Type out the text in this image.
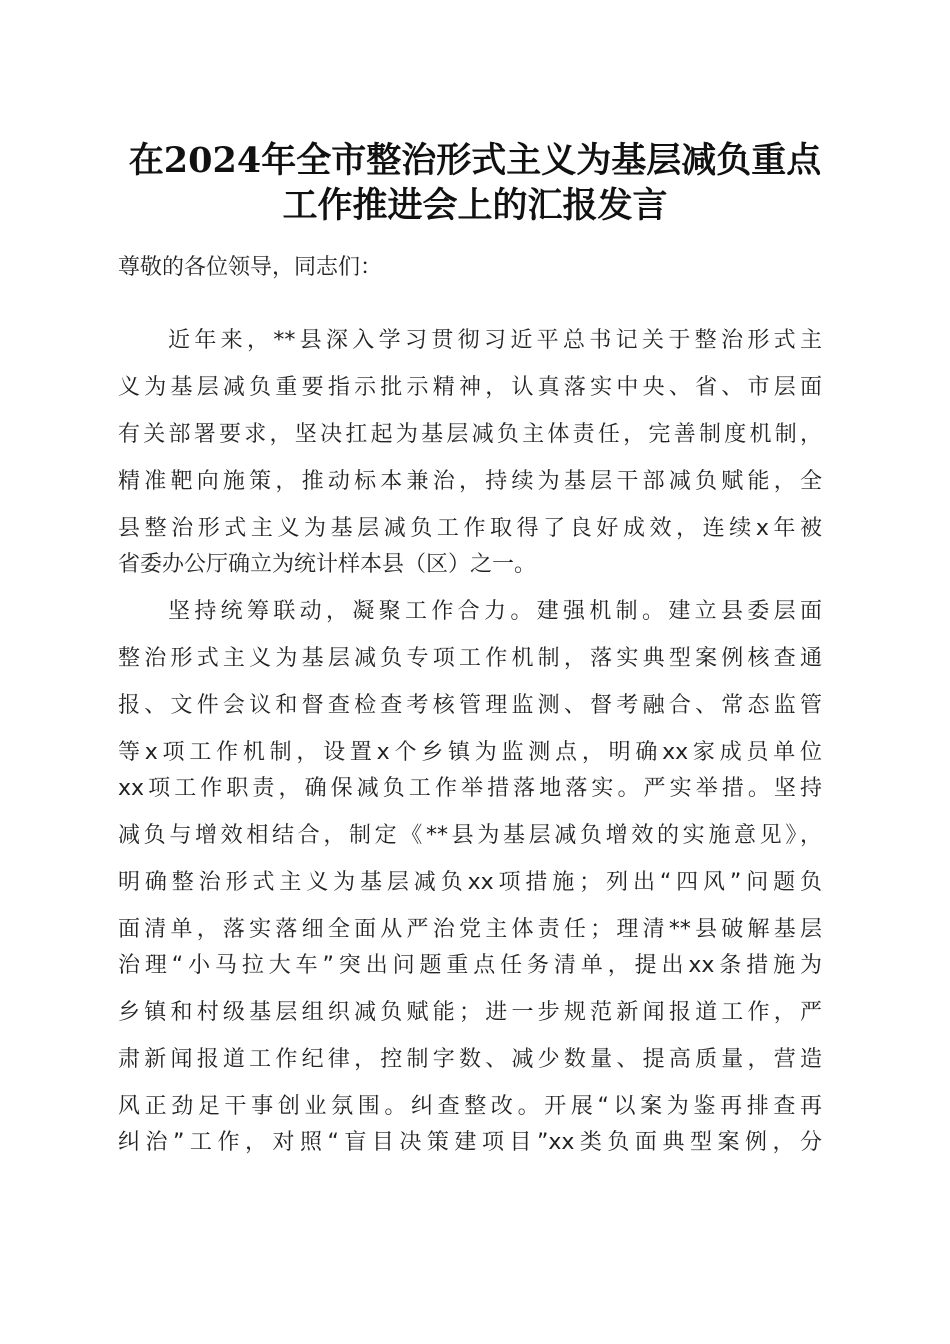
在2024年全市整治形式主义为基层减负重点
工作推进会上的汇报发言
尊敬的各位领导，同志们：
近年来，**县深入学习贯彻习近平总书记关于整治形式主
义为基层减负重要指示批示精神，认真落实中央、省、市层面
有关部署要求，坚决扛起为基层减负主体责任，完善制度机制，
精准靶向施策，推动标本兼治，持续为基层干部减负赋能，全
县整治形式主义为基层减负工作取得了良好成效，连续x年被
省委办公厅确立为统计样本县（区）之一。
坚持统筹联动，凝聚工作合力。建强机制。建立县委层面
整治形式主义为基层减负专项工作机制，落实典型案例核查通
报、文件会议和督查检查考核管理监测、督考融合、常态监管
等x项工作机制，设置x个乡镇为监测点，明确xx家成员单位
xx项工作职责，确保减负工作举措落地落实。严实举措。坚持
减负与增效相结合，制定《**县为基层减负增效的实施意见》，
明确整治形式主义为基层减负xx项措施；列出“四风”问题负
面清单，落实落细全面从严治党主体责任；理清**县破解基层
治理“小马拉大车”突出问题重点任务清单，提出xx条措施为
乡镇和村级基层组织减负赋能；进一步规范新闻报道工作，严
肃新闻报道工作纪律，控制字数、减少数量、提高质量，营造
风正劲足干事创业氛围。纠查整改。开展“以案为鉴再排查再
纠治”工作，对照“盲目决策建项目”xx类负面典型案例，分
